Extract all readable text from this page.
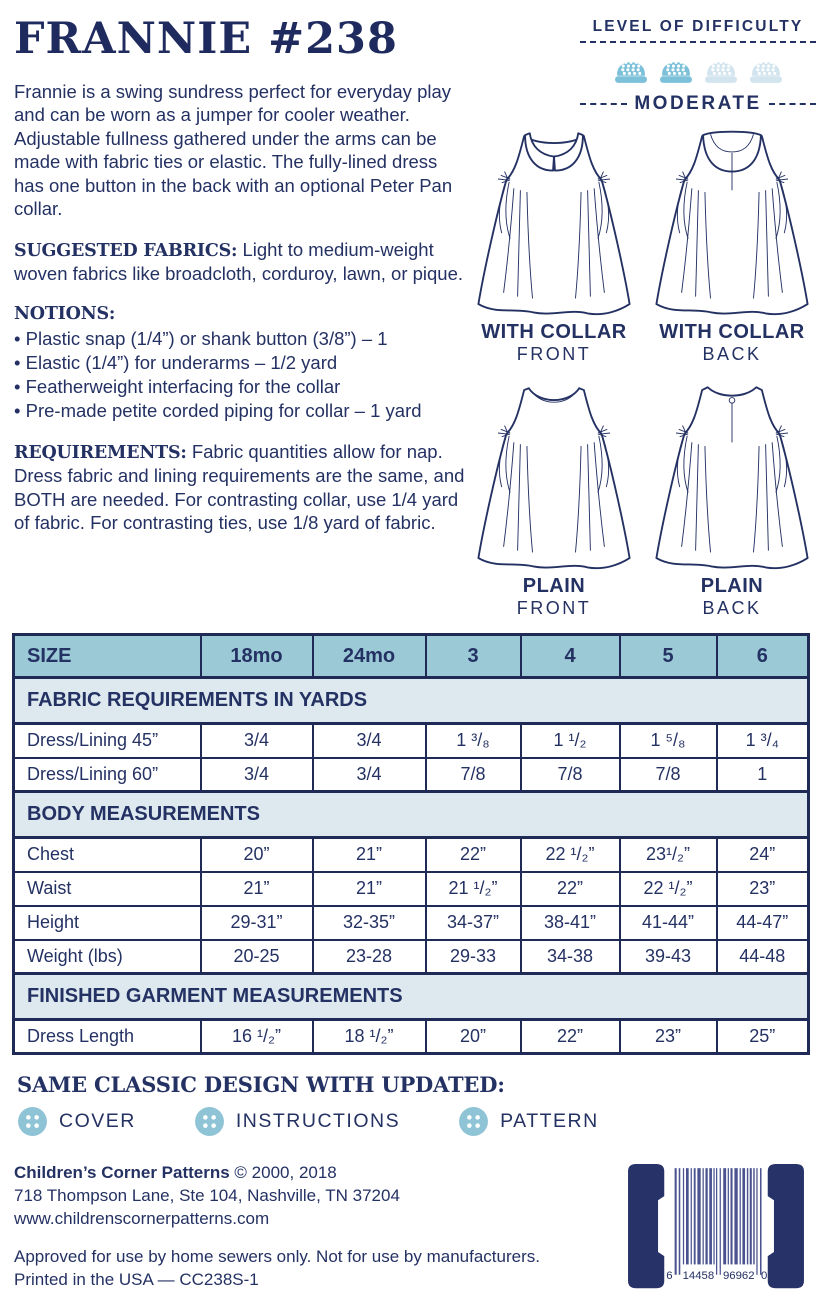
FRANNIE #238

Frannie is a swing sundress perfect for everyday play and can be worn as a jumper for cooler weather. Adjustable fullness gathered under the arms can be made with fabric ties or elastic. The fully-lined dress has one button in the back with an optional Peter Pan collar.

SUGGESTED FABRICS: Light to medium-weight woven fabrics like broadcloth, corduroy, lawn, or pique.

NOTIONS:
• Plastic snap (1/4”) or shank button (3/8”) – 1
• Elastic (1/4”) for underarms – 1/2 yard
• Featherweight interfacing for the collar
• Pre-made petite corded piping for collar – 1 yard

REQUIREMENTS: Fabric quantities allow for nap. Dress fabric and lining requirements are the same, and BOTH are needed. For contrasting collar, use 1/4 yard of fabric. For contrasting ties, use 1/8 yard of fabric.

LEVEL OF DIFFICULTY
MODERATE
WITH COLLAR
FRONT
WITH COLLAR
BACK
PLAIN
FRONT
PLAIN
BACK
SIZE	18mo	24mo	3	4	5	6
FABRIC REQUIREMENTS IN YARDS						
Dress/Lining 45”	3/4	3/4	1 ³/₈	1 ¹/₂	1 ⁵/₈	1 ³/₄
Dress/Lining 60”	3/4	3/4	7/8	7/8	7/8	1
BODY MEASUREMENTS						
Chest	20”	21”	22”	22 ¹/₂”	23¹/₂”	24”
Waist	21”	21”	21 ¹/₂”	22”	22 ¹/₂”	23”
Height	29-31”	32-35”	34-37”	38-41”	41-44”	44-47”
Weight (lbs)	20-25	23-28	29-33	34-38	39-43	44-48
FINISHED GARMENT MEASUREMENTS						
Dress Length	16 ¹/₂”	18 ¹/₂”	20”	22”	23”	25”
SAME CLASSIC DESIGN WITH UPDATED:
COVER	INSTRUCTIONS	PATTERN
Children’s Corner Patterns © 2000, 2018
718 Thompson Lane, Ste 104, Nashville, TN 37204
www.childrenscornerpatterns.com
Approved for use by home sewers only. Not for use by manufacturers.
Printed in the USA — CC238S-1	6 14458 96962 0
